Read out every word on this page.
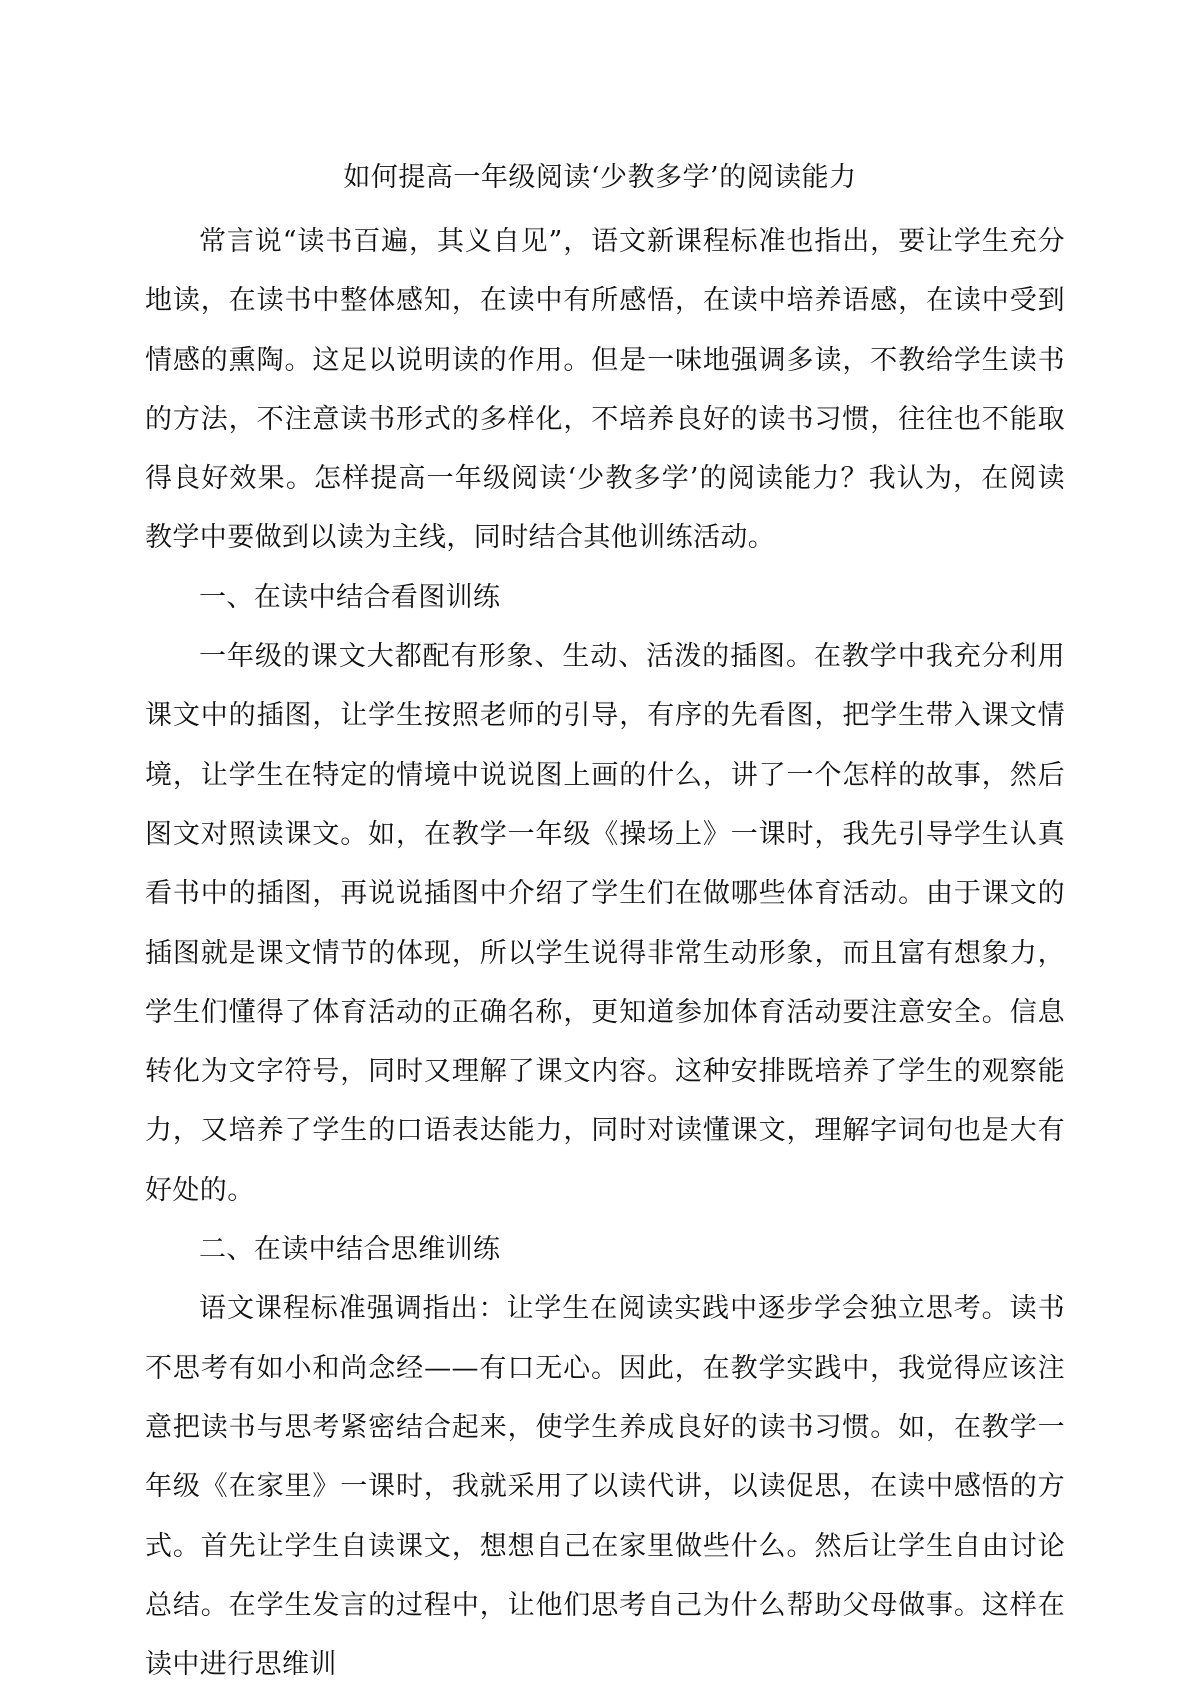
如何提高一年级阅读‘少教多学’的阅读能力

常言说“读书百遍，其义自见”，语文新课程标准也指出，要让学生充分地读，在读书中整体感知，在读中有所感悟，在读中培养语感，在读中受到情感的熏陶。这足以说明读的作用。但是一味地强调多读，不教给学生读书的方法，不注意读书形式的多样化，不培养良好的读书习惯，往往也不能取得良好效果。怎样提高一年级阅读‘少教多学’的阅读能力？我认为，在阅读教学中要做到以读为主线，同时结合其他训练活动。

一、在读中结合看图训练

一年级的课文大都配有形象、生动、活泼的插图。在教学中我充分利用课文中的插图，让学生按照老师的引导，有序的先看图，把学生带入课文情境，让学生在特定的情境中说说图上画的什么，讲了一个怎样的故事，然后图文对照读课文。如，在教学一年级《操场上》一课时，我先引导学生认真看书中的插图，再说说插图中介绍了学生们在做哪些体育活动。由于课文的插图就是课文情节的体现，所以学生说得非常生动形象，而且富有想象力，学生们懂得了体育活动的正确名称，更知道参加体育活动要注意安全。信息转化为文字符号，同时又理解了课文内容。这种安排既培养了学生的观察能力，又培养了学生的口语表达能力，同时对读懂课文，理解字词句也是大有好处的。

二、在读中结合思维训练

语文课程标准强调指出：让学生在阅读实践中逐步学会独立思考。读书不思考有如小和尚念经——有口无心。因此，在教学实践中，我觉得应该注意把读书与思考紧密结合起来，使学生养成良好的读书习惯。如，在教学一年级《在家里》一课时，我就采用了以读代讲，以读促思，在读中感悟的方式。首先让学生自读课文，想想自己在家里做些什么。然后让学生自由讨论总结。在学生发言的过程中，让他们思考自己为什么帮助父母做事。这样在读中进行思维训
